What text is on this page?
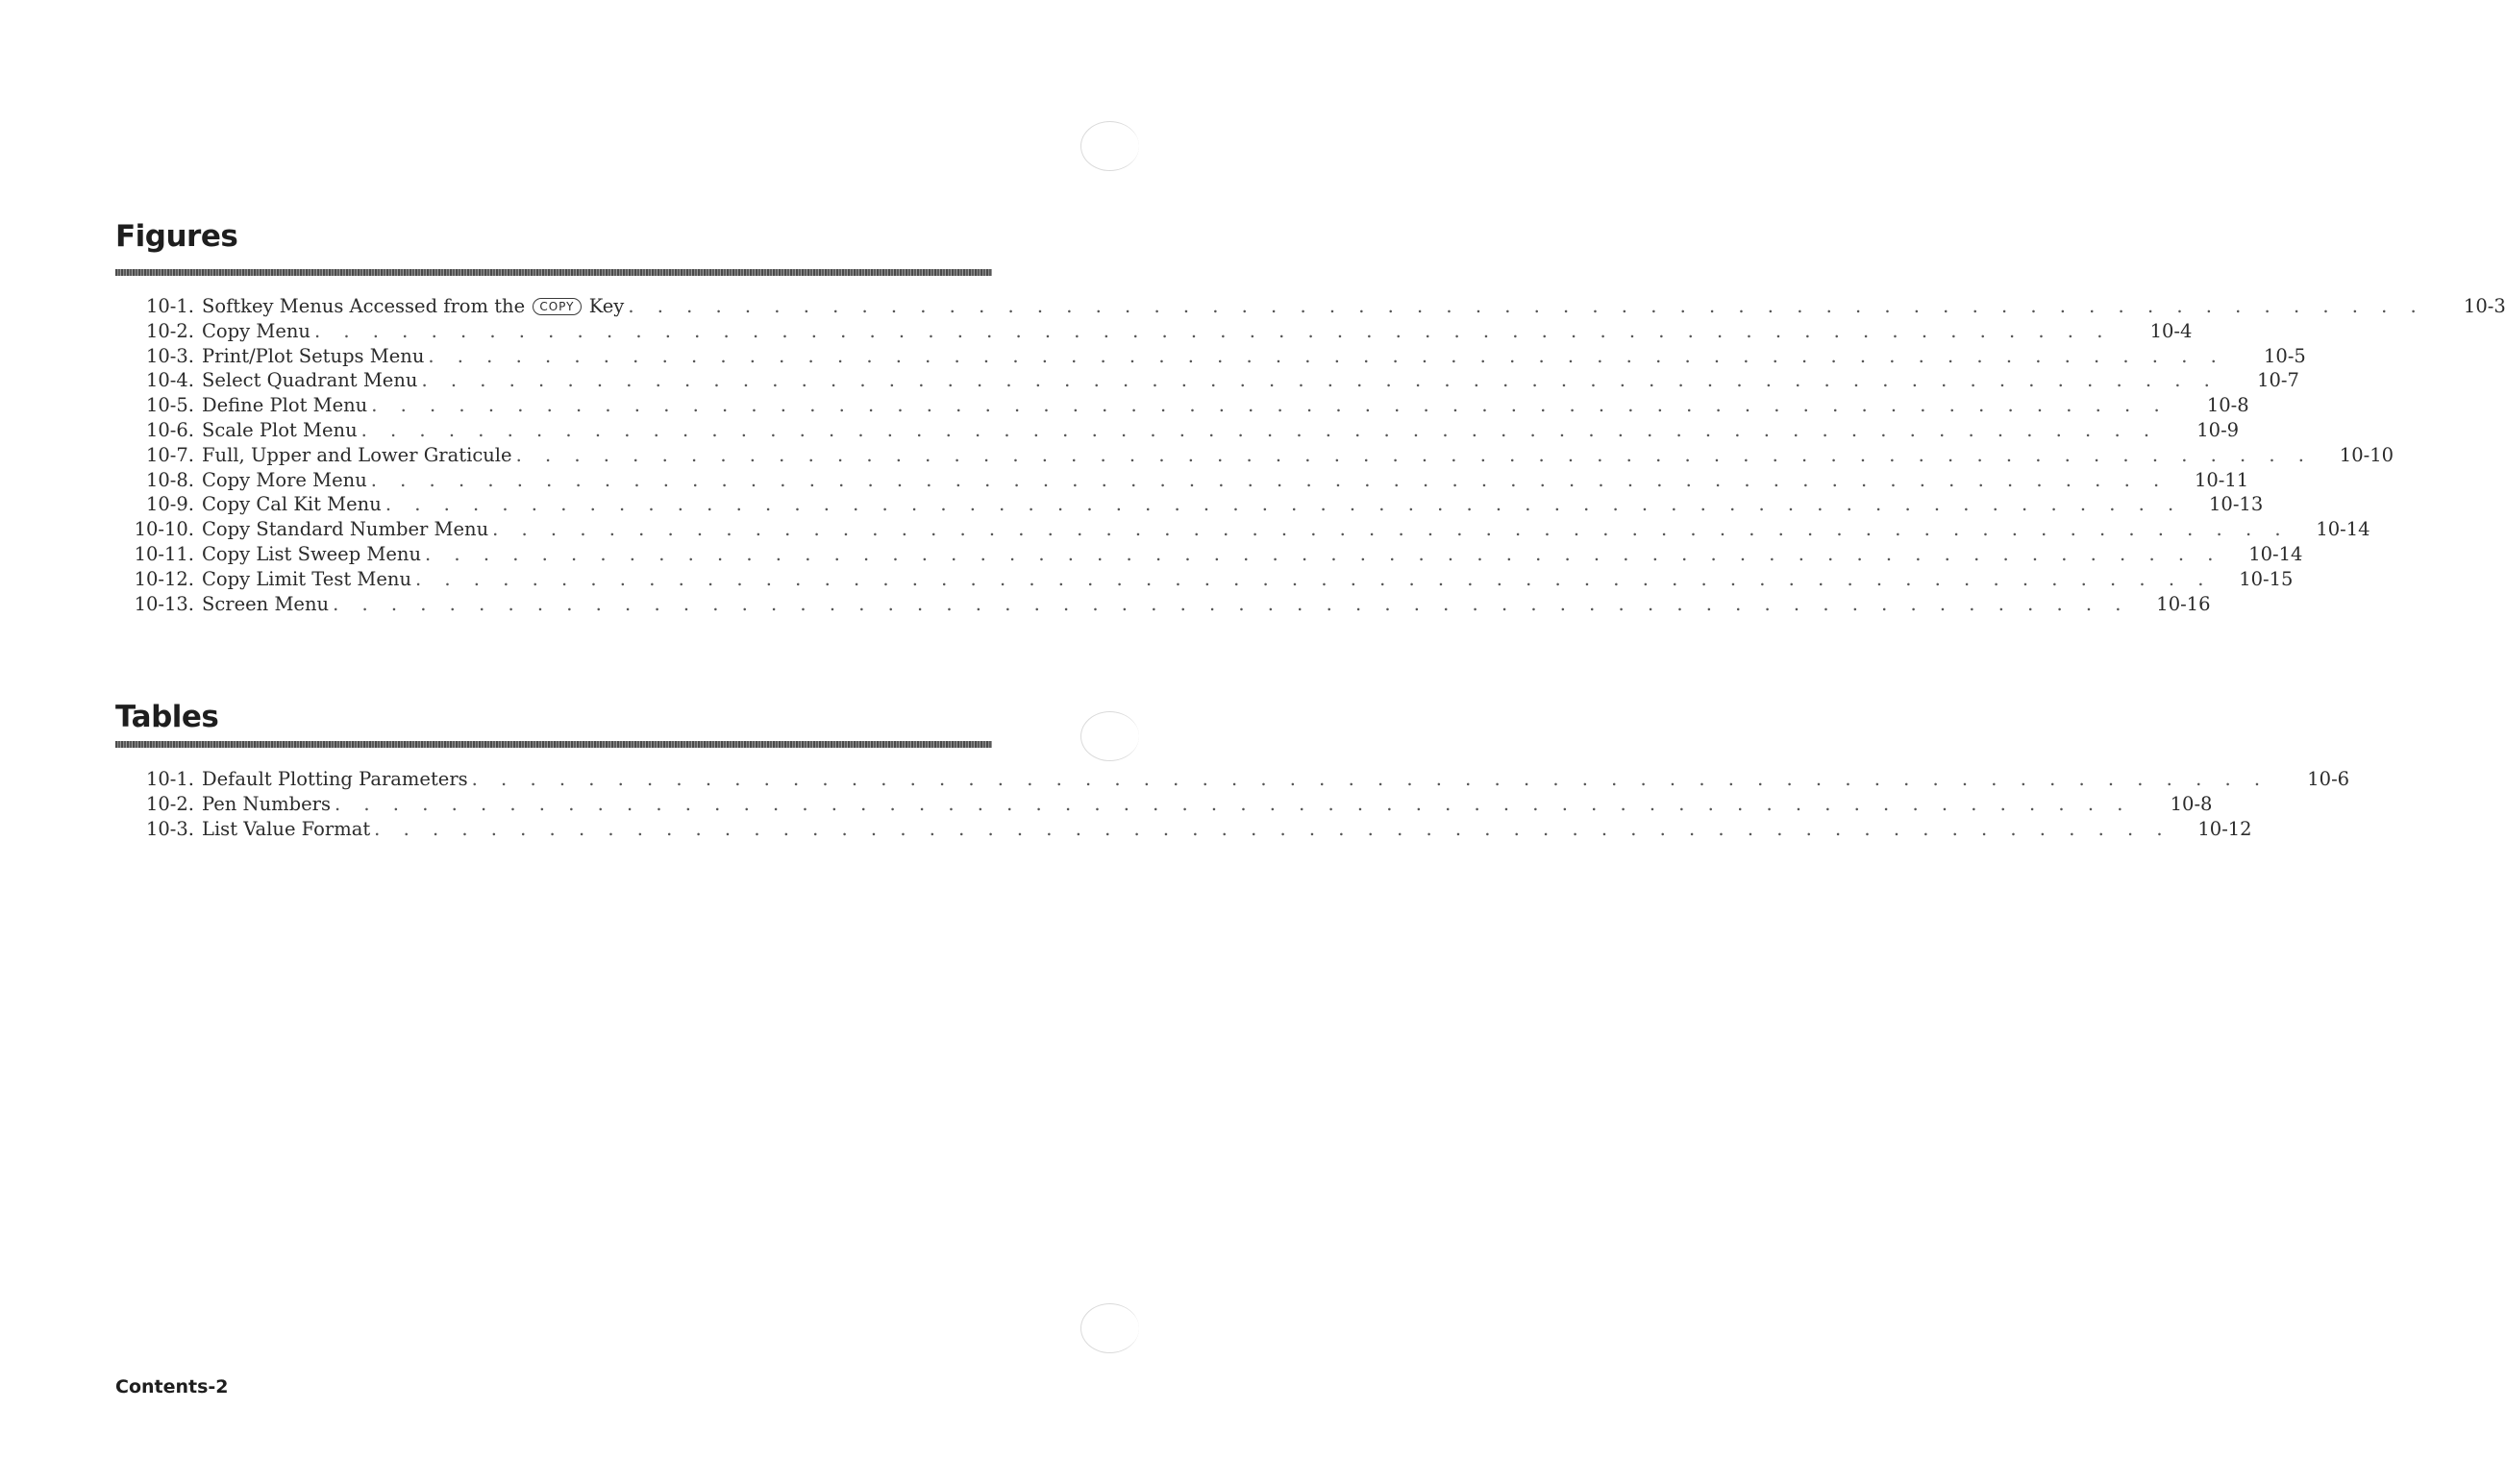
Figures
10-1. Softkey Menus Accessed from the COPY Key . . . . . . . . . . . . . . . . . . . . . . . . . . . . . . . . . . . . . . . . . . . . . . . . . . . . . . . . . . . . . .	10-3
10-2. Copy Menu . . . . . . . . . . . . . . . . . . . . . . . . . . . . . . . . . . . . . . . . . . . . . . . . . . . . . . . . . . . . . .	10-4
10-3. Print/Plot Setups Menu . . . . . . . . . . . . . . . . . . . . . . . . . . . . . . . . . . . . . . . . . . . . . . . . . . . . . . . . . . . . . .	10-5
10-4. Select Quadrant Menu . . . . . . . . . . . . . . . . . . . . . . . . . . . . . . . . . . . . . . . . . . . . . . . . . . . . . . . . . . . . . .	10-7
10-5. Define Plot Menu . . . . . . . . . . . . . . . . . . . . . . . . . . . . . . . . . . . . . . . . . . . . . . . . . . . . . . . . . . . . . .	10-8
10-6. Scale Plot Menu . . . . . . . . . . . . . . . . . . . . . . . . . . . . . . . . . . . . . . . . . . . . . . . . . . . . . . . . . . . . . .	10-9
10-7. Full, Upper and Lower Graticule . . . . . . . . . . . . . . . . . . . . . . . . . . . . . . . . . . . . . . . . . . . . . . . . . . . . . . . . . . . . . .	10-10
10-8. Copy More Menu . . . . . . . . . . . . . . . . . . . . . . . . . . . . . . . . . . . . . . . . . . . . . . . . . . . . . . . . . . . . . .	10-11
10-9. Copy Cal Kit Menu . . . . . . . . . . . . . . . . . . . . . . . . . . . . . . . . . . . . . . . . . . . . . . . . . . . . . . . . . . . . . .	10-13
10-10. Copy Standard Number Menu . . . . . . . . . . . . . . . . . . . . . . . . . . . . . . . . . . . . . . . . . . . . . . . . . . . . . . . . . . . . . .	10-14
10-11. Copy List Sweep Menu . . . . . . . . . . . . . . . . . . . . . . . . . . . . . . . . . . . . . . . . . . . . . . . . . . . . . . . . . . . . . .	10-14
10-12. Copy Limit Test Menu . . . . . . . . . . . . . . . . . . . . . . . . . . . . . . . . . . . . . . . . . . . . . . . . . . . . . . . . . . . . . .	10-15
10-13. Screen Menu . . . . . . . . . . . . . . . . . . . . . . . . . . . . . . . . . . . . . . . . . . . . . . . . . . . . . . . . . . . . . .	10-16
Tables
10-1. Default Plotting Parameters . . . . . . . . . . . . . . . . . . . . . . . . . . . . . . . . . . . . . . . . . . . . . . . . . . . . . . . . . . . . . .	10-6
10-2. Pen Numbers . . . . . . . . . . . . . . . . . . . . . . . . . . . . . . . . . . . . . . . . . . . . . . . . . . . . . . . . . . . . . .	10-8
10-3. List Value Format . . . . . . . . . . . . . . . . . . . . . . . . . . . . . . . . . . . . . . . . . . . . . . . . . . . . . . . . . . . . . .	10-12
Contents-2
